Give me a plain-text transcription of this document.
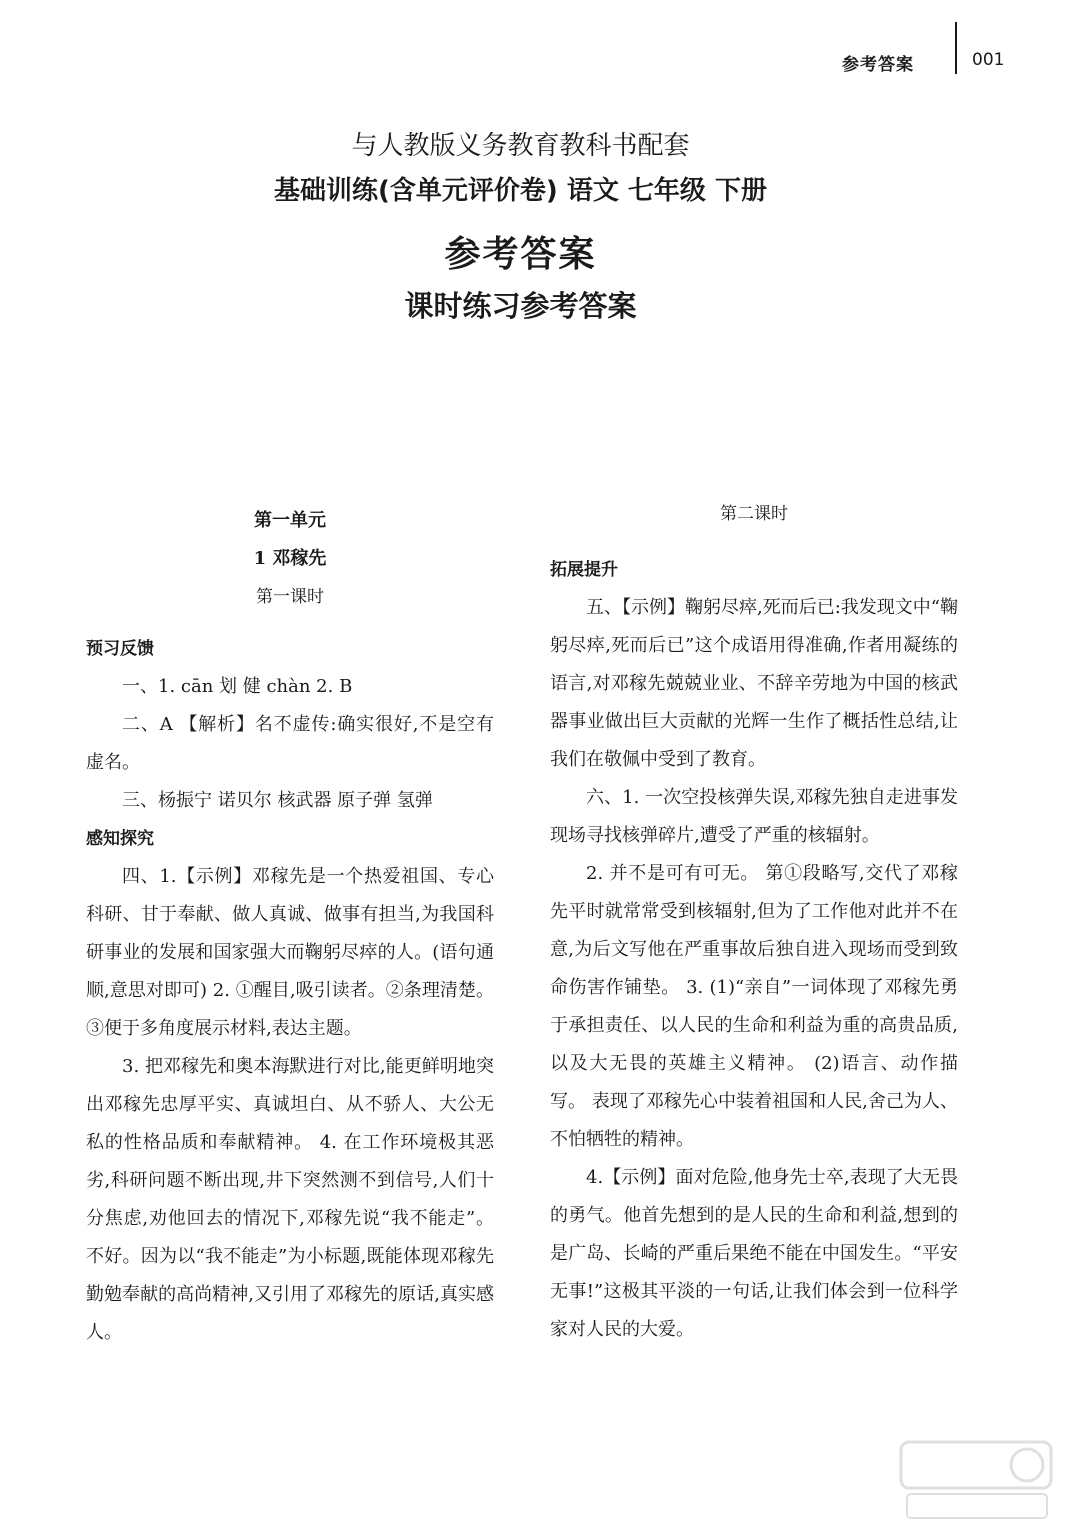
参考答案	001
与人教版义务教育教科书配套
基础训练(含单元评价卷) 语文 七年级 下册
参考答案
课时练习参考答案
第一单元
1 邓稼先
第一课时
预习反馈

一、1. cān 划 健 chàn 2. B

二、A 【解析】名不虚传:确实很好,不是空有虚名。

三、杨振宁 诺贝尔 核武器 原子弹 氢弹

感知探究

四、1.【示例】邓稼先是一个热爱祖国、专心科研、甘于奉献、做人真诚、做事有担当,为我国科研事业的发展和国家强大而鞠躬尽瘁的人。(语句通顺,意思对即可) 2. ①醒目,吸引读者。②条理清楚。③便于多角度展示材料,表达主题。

3. 把邓稼先和奥本海默进行对比,能更鲜明地突出邓稼先忠厚平实、真诚坦白、从不骄人、大公无私的性格品质和奉献精神。 4. 在工作环境极其恶劣,科研问题不断出现,井下突然测不到信号,人们十分焦虑,劝他回去的情况下,邓稼先说“我不能走”。 不好。因为以“我不能走”为小标题,既能体现邓稼先勤勉奉献的高尚精神,又引用了邓稼先的原话,真实感人。

第二课时
拓展提升

五、【示例】鞠躬尽瘁,死而后已:我发现文中“鞠躬尽瘁,死而后已”这个成语用得准确,作者用凝练的语言,对邓稼先兢兢业业、不辞辛劳地为中国的核武器事业做出巨大贡献的光辉一生作了概括性总结,让我们在敬佩中受到了教育。

六、1. 一次空投核弹失误,邓稼先独自走进事发现场寻找核弹碎片,遭受了严重的核辐射。

2. 并不是可有可无。 第①段略写,交代了邓稼先平时就常常受到核辐射,但为了工作他对此并不在意,为后文写他在严重事故后独自进入现场而受到致命伤害作铺垫。 3. (1)“亲自”一词体现了邓稼先勇于承担责任、以人民的生命和利益为重的高贵品质,以及大无畏的英雄主义精神。 (2)语言、动作描写。 表现了邓稼先心中装着祖国和人民,舍己为人、不怕牺牲的精神。

4.【示例】面对危险,他身先士卒,表现了大无畏的勇气。他首先想到的是人民的生命和利益,想到的是广岛、长崎的严重后果绝不能在中国发生。“平安无事!”这极其平淡的一句话,让我们体会到一位科学家对人民的大爱。
